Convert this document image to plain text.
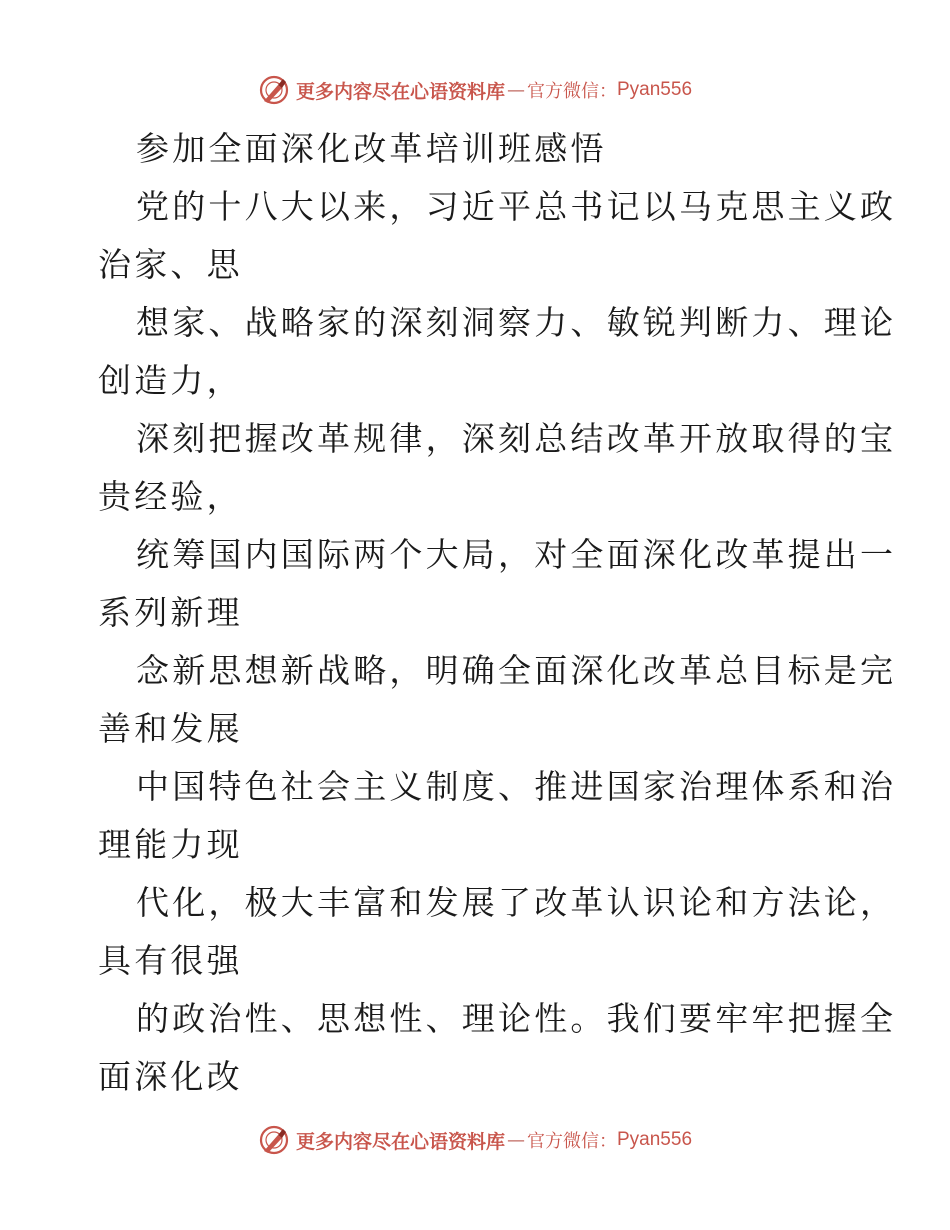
更多内容尽在心语资料库 — 官方微信： Pyan556
参加全面深化改革培训班感悟
党的十八大以来，习近平总书记以马克思主义政
治家、思
想家、战略家的深刻洞察力、敏锐判断力、理论
创造力，
深刻把握改革规律，深刻总结改革开放取得的宝
贵经验，
统筹国内国际两个大局，对全面深化改革提出一
系列新理
念新思想新战略，明确全面深化改革总目标是完
善和发展
中国特色社会主义制度、推进国家治理体系和治
理能力现
代化，极大丰富和发展了改革认识论和方法论，
具有很强
的政治性、思想性、理论性。我们要牢牢把握全
面深化改
更多内容尽在心语资料库 — 官方微信： Pyan556
